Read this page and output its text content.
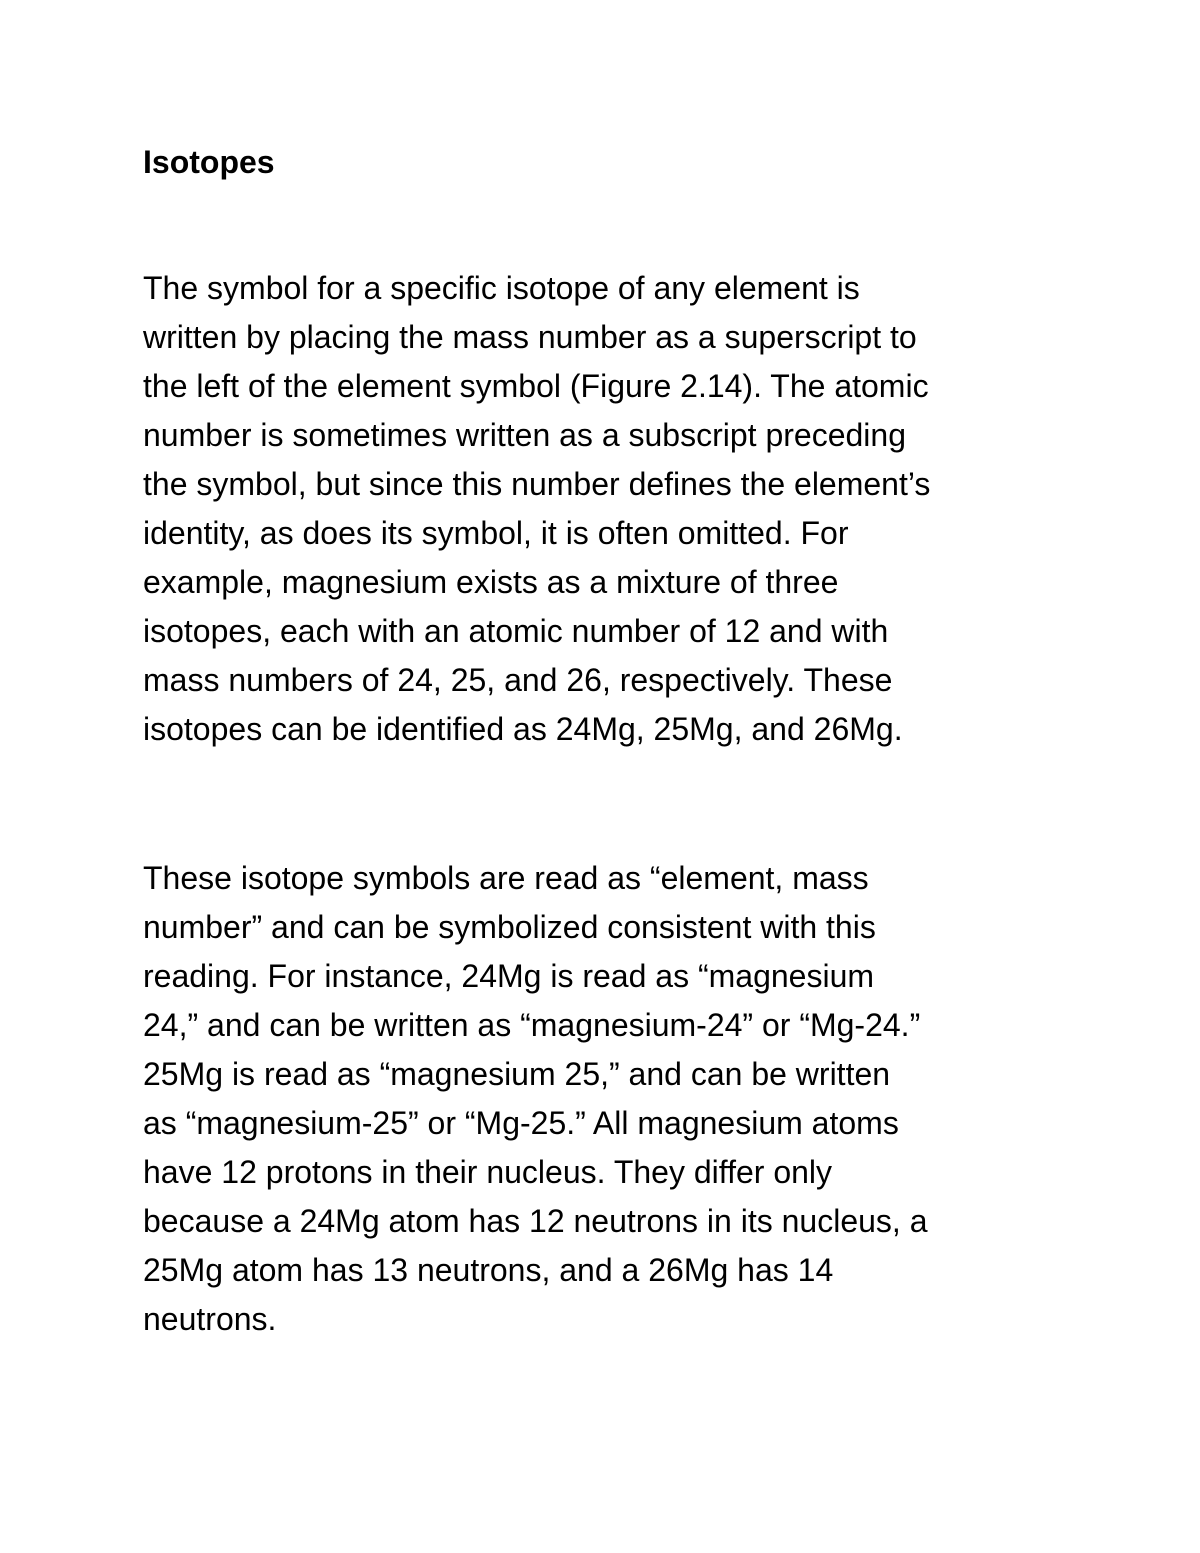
Isotopes

The symbol for a specific isotope of any element is

written by placing the mass number as a superscript to

the left of the element symbol (Figure 2.14). The atomic

number is sometimes written as a subscript preceding

the symbol, but since this number defines the element’s

identity, as does its symbol, it is often omitted. For

example, magnesium exists as a mixture of three

isotopes, each with an atomic number of 12 and with

mass numbers of 24, 25, and 26, respectively. These

isotopes can be identified as 24Mg, 25Mg, and 26Mg.

These isotope symbols are read as “element, mass

number” and can be symbolized consistent with this

reading. For instance, 24Mg is read as “magnesium

24,” and can be written as “magnesium-24” or “Mg-24.”

25Mg is read as “magnesium 25,” and can be written

as “magnesium-25” or “Mg-25.” All magnesium atoms

have 12 protons in their nucleus. They differ only

because a 24Mg atom has 12 neutrons in its nucleus, a

25Mg atom has 13 neutrons, and a 26Mg has 14

neutrons.
